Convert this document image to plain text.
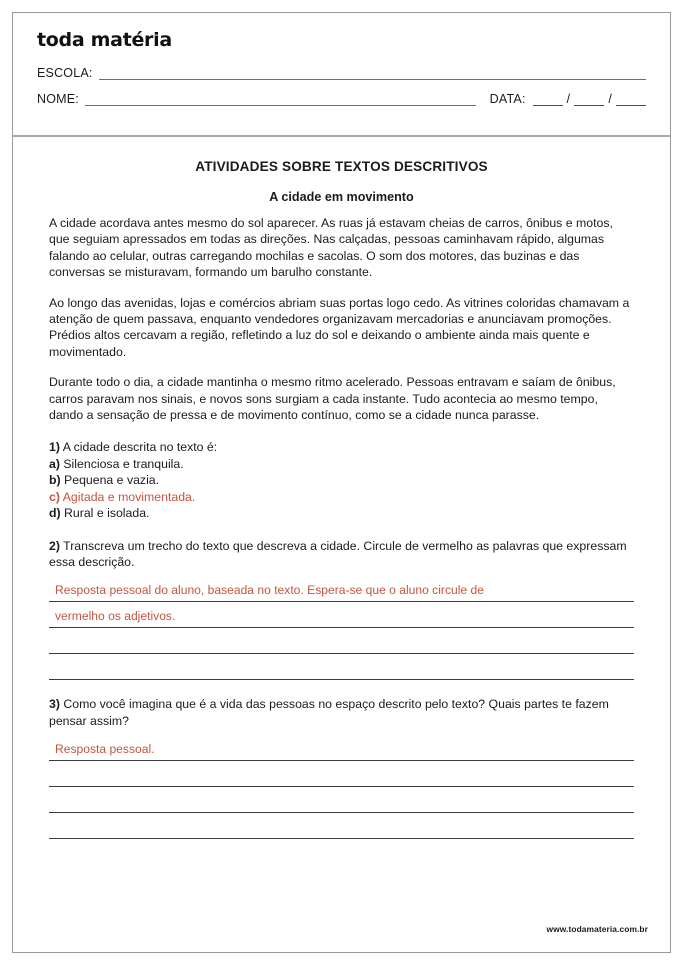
toda matéria
ESCOLA:
NOME:	DATA:	/	/
ATIVIDADES SOBRE TEXTOS DESCRITIVOS
A cidade em movimento

A cidade acordava antes mesmo do sol aparecer. As ruas já estavam cheias de carros, ônibus e motos, que seguiam apressados em todas as direções. Nas calçadas, pessoas caminhavam rápido, algumas falando ao celular, outras carregando mochilas e sacolas. O som dos motores, das buzinas e das conversas se misturavam, formando um barulho constante.

Ao longo das avenidas, lojas e comércios abriam suas portas logo cedo. As vitrines coloridas chamavam a atenção de quem passava, enquanto vendedores organizavam mercadorias e anunciavam promoções. Prédios altos cercavam a região, refletindo a luz do sol e deixando o ambiente ainda mais quente e movimentado.

Durante todo o dia, a cidade mantinha o mesmo ritmo acelerado. Pessoas entravam e saíam de ônibus, carros paravam nos sinais, e novos sons surgiam a cada instante. Tudo acontecia ao mesmo tempo, dando a sensação de pressa e de movimento contínuo, como se a cidade nunca parasse.

1) A cidade descrita no texto é:

a) Silenciosa e tranquila.
b) Pequena e vazia.
c) Agitada e movimentada.
d) Rural e isolada.

2) Transcreva um trecho do texto que descreva a cidade. Circule de vermelho as palavras que expressam essa descrição.

Resposta pessoal do aluno, baseada no texto. Espera-se que o aluno circule de
vermelho os adjetivos.

3) Como você imagina que é a vida das pessoas no espaço descrito pelo texto? Quais partes te fazem pensar assim?

Resposta pessoal.
www.todamateria.com.br
